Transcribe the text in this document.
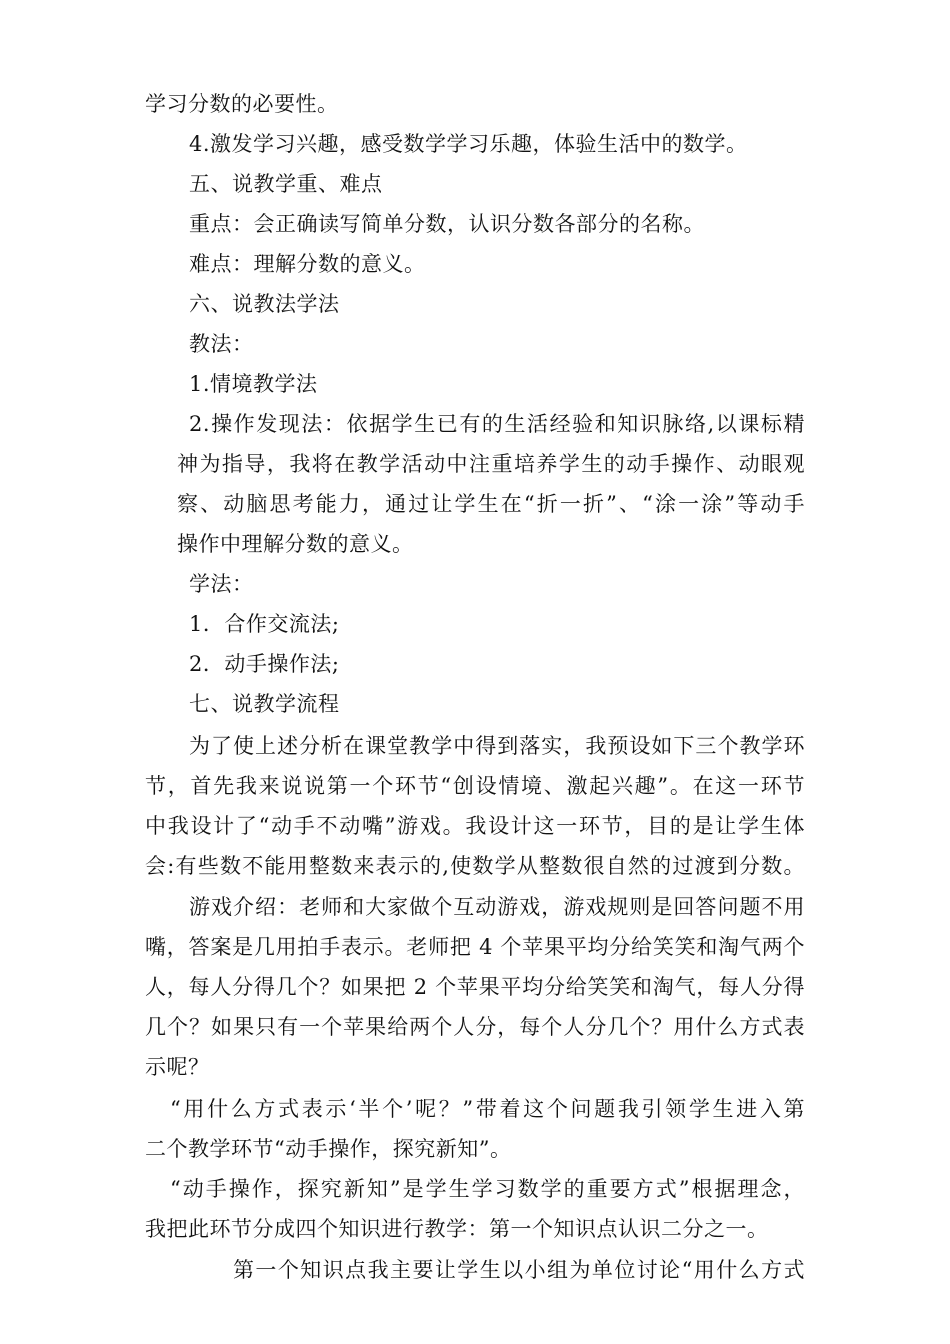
学习分数的必要性。
4.激发学习兴趣，感受数学学习乐趣，体验生活中的数学。
五、说教学重、难点
重点：会正确读写简单分数，认识分数各部分的名称。
难点：理解分数的意义。
六、说教法学法
教法：
1.情境教学法
2.操作发现法：依据学生已有的生活经验和知识脉络,以课标精
神为指导，我将在教学活动中注重培养学生的动手操作、动眼观
察、动脑思考能力，通过让学生在“折一折”、“涂一涂”等动手
操作中理解分数的意义。
学法：
1．合作交流法;
2．动手操作法;
七、说教学流程
为了使上述分析在课堂教学中得到落实，我预设如下三个教学环
节，首先我来说说第一个环节“创设情境、激起兴趣”。在这一环节
中我设计了“动手不动嘴”游戏。我设计这一环节，目的是让学生体
会:有些数不能用整数来表示的,使数学从整数很自然的过渡到分数。
游戏介绍：老师和大家做个互动游戏，游戏规则是回答问题不用
嘴，答案是几用拍手表示。老师把 4 个苹果平均分给笑笑和淘气两个
人，每人分得几个？如果把 2 个苹果平均分给笑笑和淘气，每人分得
几个？如果只有一个苹果给两个人分，每个人分几个？用什么方式表
示呢？
“用什么方式表示‘半个’呢？”带着这个问题我引领学生进入第
二个教学环节“动手操作，探究新知”。
“动手操作，探究新知”是学生学习数学的重要方式”根据理念，
我把此环节分成四个知识进行教学：第一个知识点认识二分之一。
第一个知识点我主要让学生以小组为单位讨论“用什么方式
